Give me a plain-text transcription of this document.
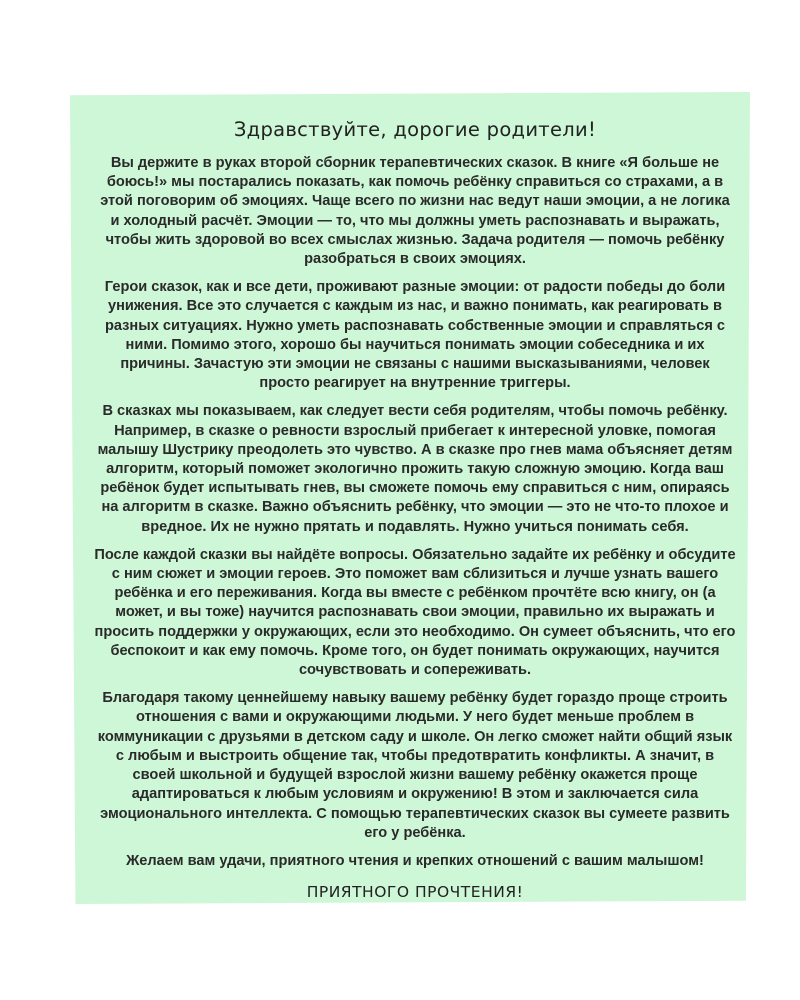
Здравствуйте, дорогие родители!

Вы держите в руках второй сборник терапевтических сказок. В книге «Я больше не боюсь!» мы постарались показать, как помочь ребёнку справиться со страхами, а в этой поговорим об эмоциях. Чаще всего по жизни нас ведут наши эмоции, а не логика и холодный расчёт. Эмоции — то, что мы должны уметь распознавать и выражать, чтобы жить здоровой во всех смыслах жизнью. Задача родителя — помочь ребёнку разобраться в своих эмоциях.

Герои сказок, как и все дети, проживают разные эмоции: от радости победы до боли унижения. Все это случается с каждым из нас, и важно понимать, как реагировать в разных ситуациях. Нужно уметь распознавать собственные эмоции и справляться с ними. Помимо этого, хорошо бы научиться понимать эмоции собеседника и их причины. Зачастую эти эмоции не связаны с нашими высказываниями, человек просто реагирует на внутренние триггеры.

В сказках мы показываем, как следует вести себя родителям, чтобы помочь ребёнку. Например, в сказке о ревности взрослый прибегает к интересной уловке, помогая малышу Шустрику преодолеть это чувство. А в сказке про гнев мама объясняет детям алгоритм, который поможет экологично прожить такую сложную эмоцию. Когда ваш ребёнок будет испытывать гнев, вы сможете помочь ему справиться с ним, опираясь на алгоритм в сказке. Важно объяснить ребёнку, что эмоции — это не что-то плохое и вредное. Их не нужно прятать и подавлять. Нужно учиться понимать себя.

После каждой сказки вы найдёте вопросы. Обязательно задайте их ребёнку и обсудите с ним сюжет и эмоции героев. Это поможет вам сблизиться и лучше узнать вашего ребёнка и его переживания. Когда вы вместе с ребёнком прочтёте всю книгу, он (а может, и вы тоже) научится распознавать свои эмоции, правильно их выражать и просить поддержки у окружающих, если это необходимо. Он сумеет объяснить, что его беспокоит и как ему помочь. Кроме того, он будет понимать окружающих, научится сочувствовать и сопереживать.

Благодаря такому ценнейшему навыку вашему ребёнку будет гораздо проще строить отношения с вами и окружающими людьми. У него будет меньше проблем в коммуникации с друзьями в детском саду и школе. Он легко сможет найти общий язык с любым и выстроить общение так, чтобы предотвратить конфликты. А значит, в своей школьной и будущей взрослой жизни вашему ребёнку окажется проще адаптироваться к любым условиям и окружению! В этом и заключается сила эмоционального интеллекта. С помощью терапевтических сказок вы сумеете развить его у ребёнка.

Желаем вам удачи, приятного чтения и крепких отношений с вашим малышом!

ПРИЯТНОГО ПРОЧТЕНИЯ!
